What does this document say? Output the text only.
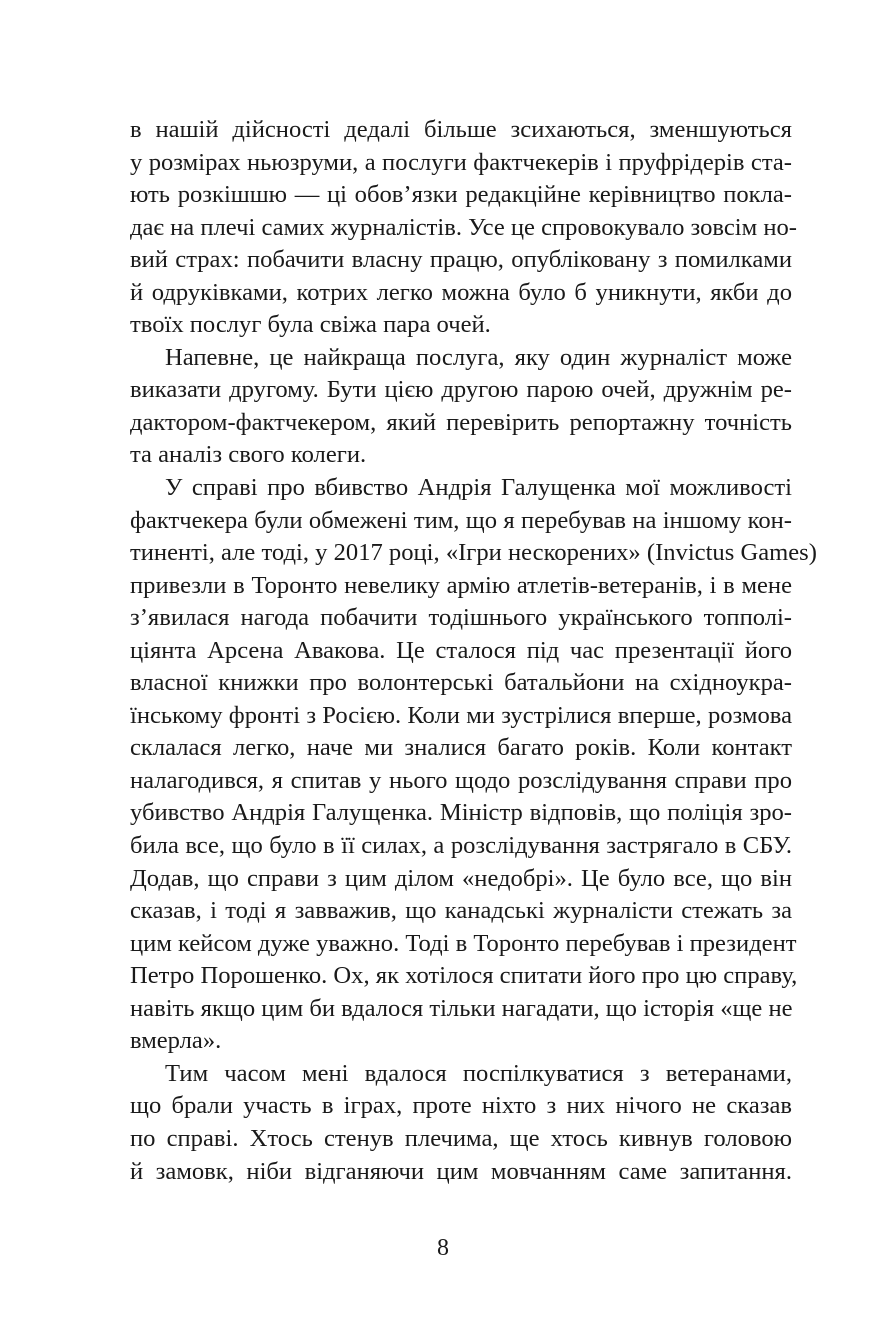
в нашій дійсності дедалі більше зсихаються, зменшуються
у розмірах ньюзруми, а послуги фактчекерів і пруфрідерів ста-
ють розкішшю — ці обов’язки редакційне керівництво покла-
дає на плечі самих журналістів. Усе це спровокувало зовсім но-
вий страх: побачити власну працю, опубліковану з помилками
й одруківками, котрих легко можна було б уникнути, якби до
твоїх послуг була свіжа пара очей.
Напевне, це найкраща послуга, яку один журналіст може
виказати другому. Бути цією другою парою очей, дружнім ре-
дактором-фактчекером, який перевірить репортажну точність
та аналіз свого колеги.
У справі про вбивство Андрія Галущенка мої можливості
фактчекера були обмежені тим, що я перебував на іншому кон-
тиненті, але тоді, у 2017 році, «Ігри нескорених» (Invictus Games)
привезли в Торонто невелику армію атлетів-ветеранів, і в мене
з’явилася нагода побачити тодішнього українського топполі-
ціянта Арсена Авакова. Це сталося під час презентації його
власної книжки про волонтерські батальйони на східноукра-
їнському фронті з Росією. Коли ми зустрілися вперше, розмова
склалася легко, наче ми зналися багато років. Коли контакт
налагодився, я спитав у нього щодо розслідування справи про
убивство Андрія Галущенка. Міністр відповів, що поліція зро-
била все, що було в її силах, а розслідування застрягало в СБУ.
Додав, що справи з цим ділом «недобрі». Це було все, що він
сказав, і тоді я завважив, що канадські журналісти стежать за
цим кейсом дуже уважно. Тоді в Торонто перебував і президент
Петро Порошенко. Ох, як хотілося спитати його про цю справу,
навіть якщо цим би вдалося тільки нагадати, що історія «ще не
вмерла».
Тим часом мені вдалося поспілкуватися з ветеранами,
що брали участь в іграх, проте ніхто з них нічого не сказав
по справі. Хтось стенув плечима, ще хтось кивнув головою
й замовк, ніби відганяючи цим мовчанням саме запитання.
8
